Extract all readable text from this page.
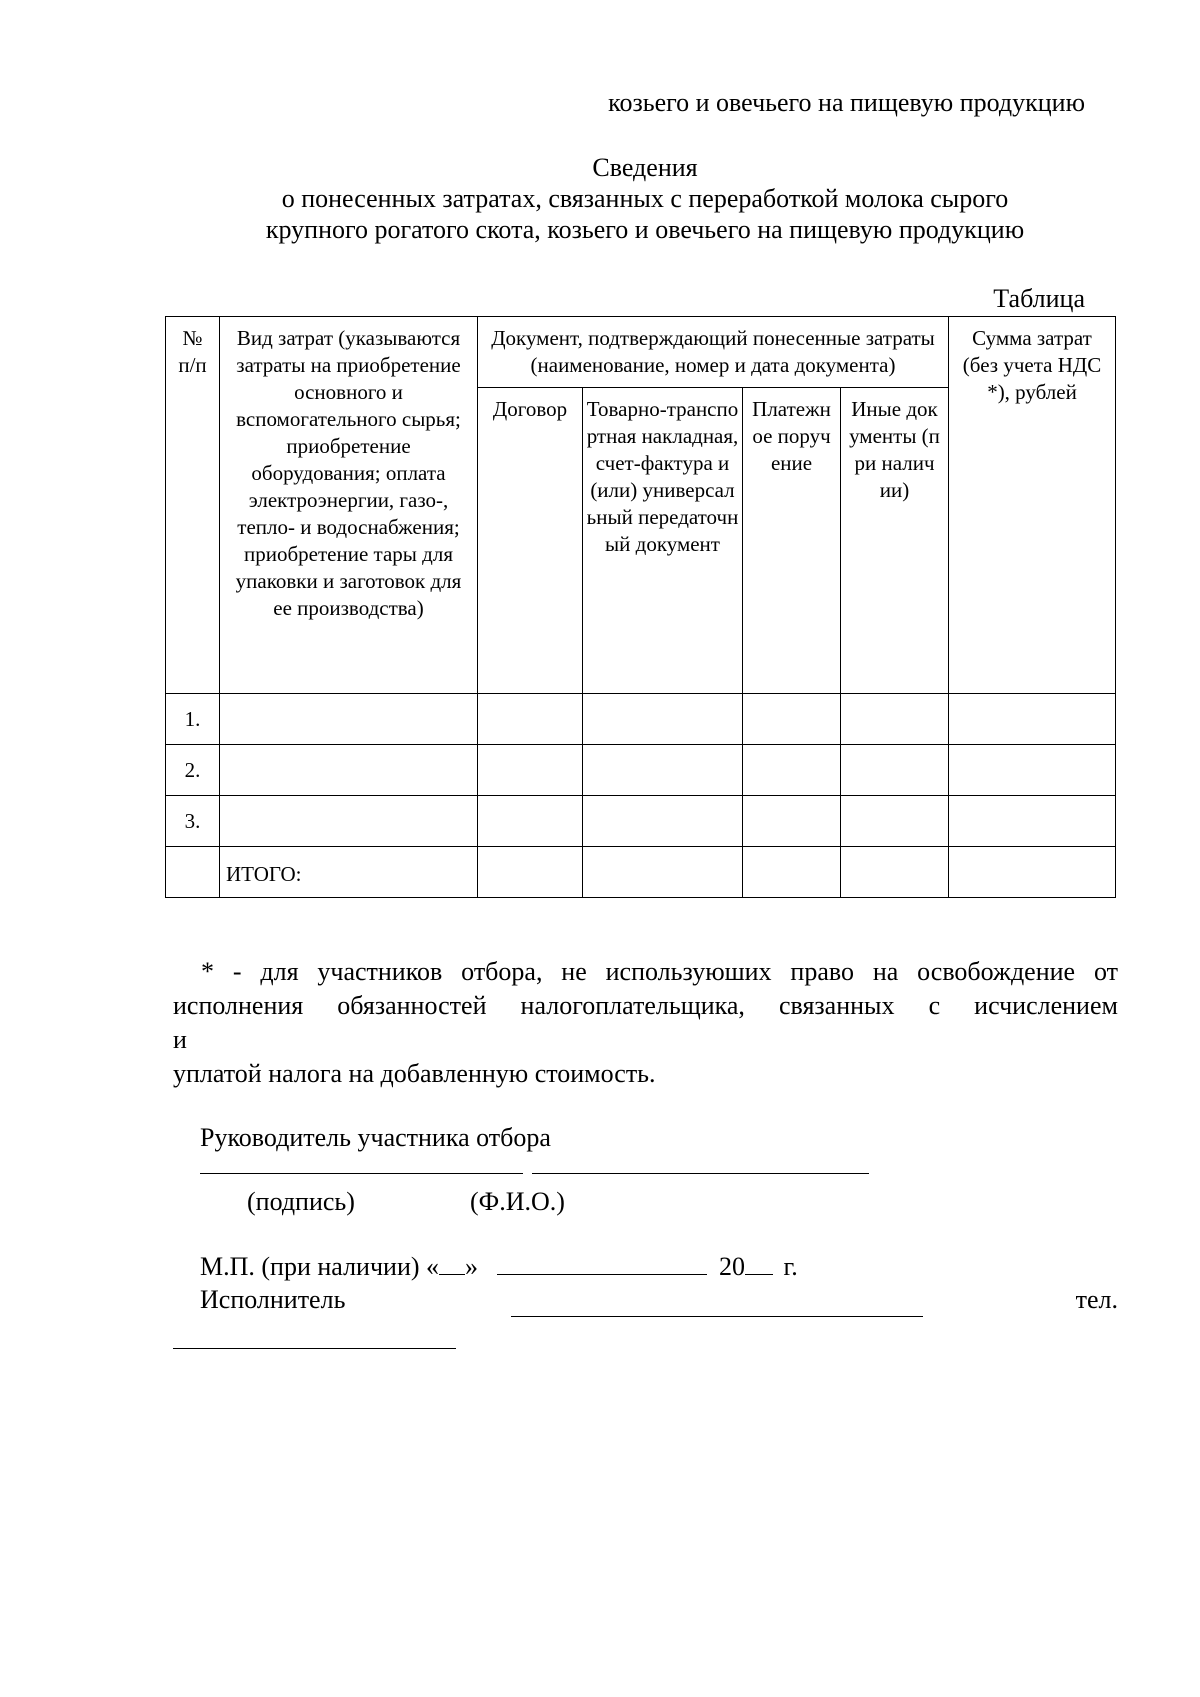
козьего и овечьего на пищевую продукцию
Сведения
о понесенных затратах, связанных с переработкой молока сырого
крупного рогатого скота, козьего и овечьего на пищевую продукцию
Таблица
№ п/п	Вид затрат (указываются затраты на приобретение основного и вспомогательного сырья; приобретение оборудования; оплата электроэнергии, газо-, тепло- и водоснабжения; приобретение тары для упаковки и заготовок для ее производства)	Документ, подтверждающий понесенные затраты (наименование, номер и дата документа)				Сумма затрат (без учета НДС *), рублей
		Договор	Товарно-транспортная накладная, счет-фактура и (или) универсальный передаточный документ	Платежное поручение	Иные документы (при наличии)	
1.						
2.						
3.						
	ИТОГО:					
* - для участников отбора, не используюших право на освобождение от
исполнения обязанностей налогоплательщика, связанных с исчислением
и
уплатой налога на добавленную стоимость.
Руководитель участника отбора
(подпись)	(Ф.И.О.)
М.П. (при наличии) « »	20 г.
Исполнитель	тел.
